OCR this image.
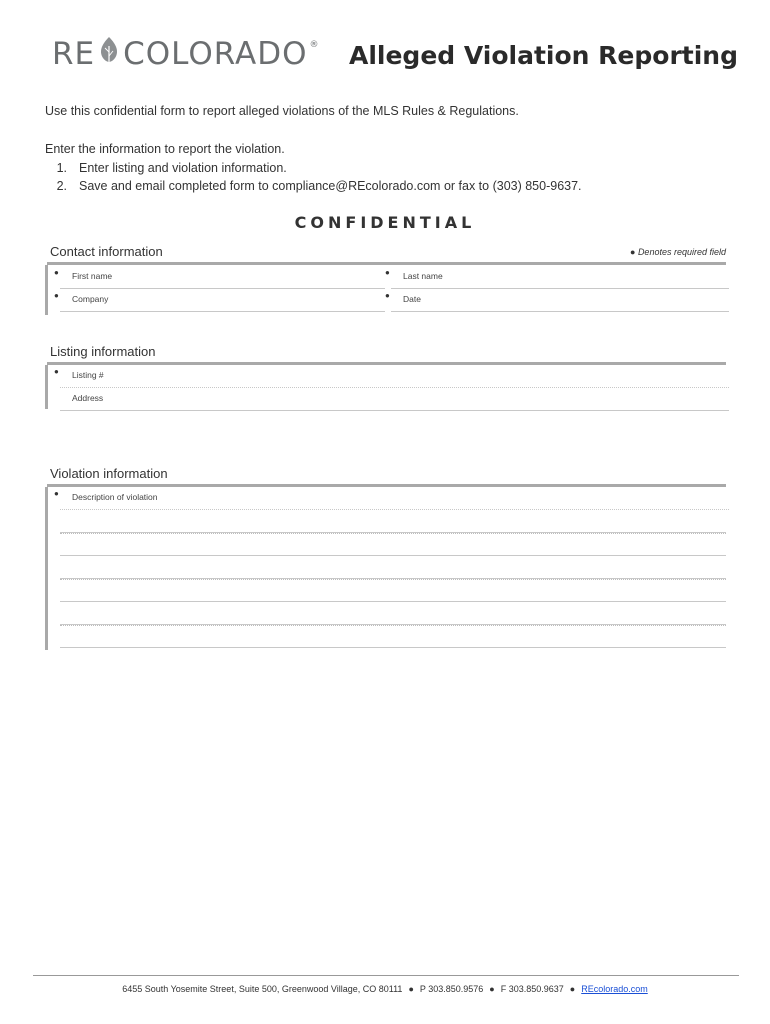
RE COLORADO ® Alleged Violation Reporting

Use this confidential form to report alleged violations of the MLS Rules & Regulations.

Enter the information to report the violation.

1. Enter listing and violation information.
2. Save and email completed form to compliance@REcolorado.com or fax to (303) 850-9637.
CONFIDENTIAL
Contact information	● Denotes required field
● First name	● Last name
● Company	● Date
Listing information
● Listing #
Address
Violation information
● Description of violation
6455 South Yosemite Street, Suite 500, Greenwood Village, CO 80111 ● P 303.850.9576 ● F 303.850.9637 ● REcolorado.com
